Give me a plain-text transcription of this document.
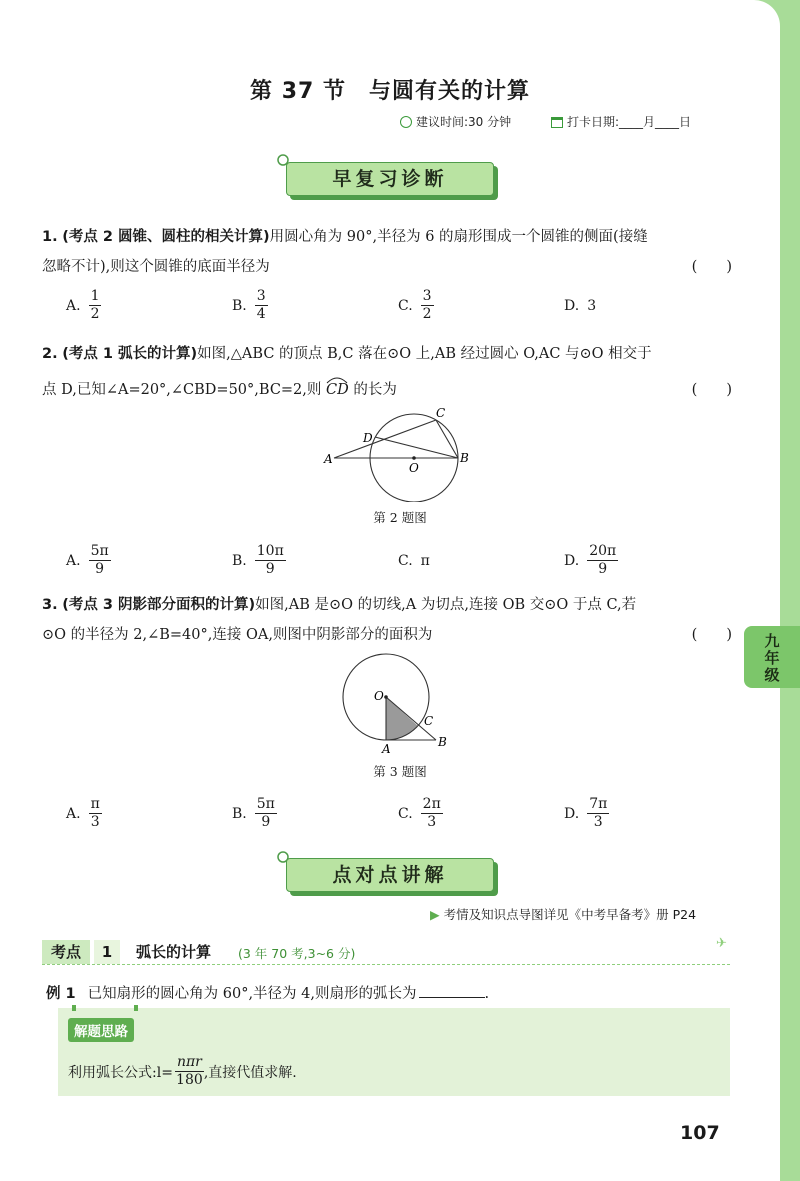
第 37 节　与圆有关的计算
建议时间:30 分钟	打卡日期:____月____日
早复习诊断
1. (考点 2 圆锥、圆柱的相关计算)用圆心角为 90°,半径为 6 的扇形围成一个圆锥的侧面(接缝
忽略不计),则这个圆锥的底面半径为	(　　)
A. $\frac{1}{2}$	B. $\frac{3}{4}$	C. $\frac{3}{2}$	D. 3
2. (考点 1 弧长的计算)如图,△ABC 的顶点 B,C 落在⊙O 上,AB 经过圆心 O,AC 与⊙O 相交于
点 D,已知∠A=20°,∠CBD=50°,BC=2,则 CD 的长为	(　　)
A	B
C
D
O
第 2 题图
A. $\frac{5\pi}{9}$	B. $\frac{10\pi}{9}$	C. π	D. $\frac{20\pi}{9}$
3. (考点 3 阴影部分面积的计算)如图,AB 是⊙O 的切线,A 为切点,连接 OB 交⊙O 于点 C,若
⊙O 的半径为 2,∠B=40°,连接 OA,则图中阴影部分的面积为	(　　)
O
A	B
C
第 3 题图
A. $\frac{\pi}{3}$	B. $\frac{5\pi}{9}$	C. $\frac{2\pi}{3}$	D. $\frac{7\pi}{3}$
点对点讲解
▶ 考情及知识点导图详见《中考早备考》册 P24
考点	1	弧长的计算 (3 年 70 考,3~6 分)
✈
例 1 已知扇形的圆心角为 60°,半径为 4,则扇形的弧长为	.
解题思路
利用弧长公式:l= $\frac{\text{nπr}}{180}$ ,直接代值求解.
107
九年级
